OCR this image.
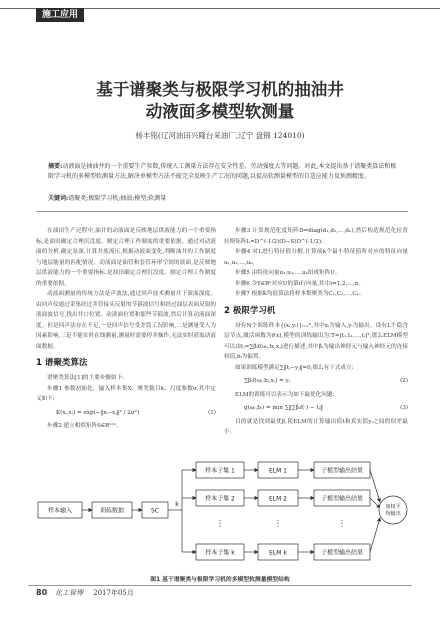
施工应用
基于谱聚类与极限学习机的抽油井
动液面多模型软测量
杨丰铭(辽河油田兴隆台采油厂,辽宁 盘锦 124010)
摘要:动液面是抽油井的一个重要生产参数,传统人工测量方法存在安全性差、劳动强度大等问题。对此,本文提出基于谱聚类算法和极限学习机的多模型软测量方法,解决单模型方法不能完全反映生产工况的问题,以提高软测量模型的自适应能力及预测精度。
关键词:谱聚类;极限学习机;抽油;模型;软测量

在油田生产过程中,油井的动液面是反映地层供液能力的一个重要指标,是油田确定合理沉没度、制定合理工作制度的重要依据。通过对动液面的分析,确定泵深,计算井底流压,根据动液面变化,判断油井的工作制度与地层能量的匹配情况。动液面是油管和套管环形空间的液面,是反映地层供液能力的一个重要指标,是油田确定合理沉没度、制定合理工作制度的重要依据。

动液面测量的传统方法是声波法,通过回声技术测量井下液面深度。由回声仪通过采集经过井管接头反射的节箍波信号和经过油层表面反射的液面波信号,找出井口位置、动液面位置和那些节箍波,然后计算动液面深度。但是回声法存在不足,一是回声信号受井筒工况影响,二是测量受人为因素影响,三是不能实时在线测量,测量时需要停井操作,无法实时获取动液面数据。

1 谱聚类算法

谱聚类算法[1]的主要步骤如下:

步骤1 参数初始化。输入样本集X、聚类数目k、尺度参数σ,其中定义如下:

K(xᵢ,xⱼ) = exp(−‖xᵢ−xⱼ‖² / 2σ²)	(1)

步骤2 建立相似矩阵S∈Rⁿˣⁿ。

步骤3 计算规范化度矩阵D=diag(d₁,d₂,…,dₙ),然后构造规范化拉普拉斯矩阵L=D^(-1/2)(D−S)D^(-1/2)。

步骤4 对L进行特征值分解,计算前k个最小特征值所对应的特征向量u₁,u₂,…,uₖ。

步骤5 由特征向量u₁,u₂,…,uₖ组成矩阵U。

步骤6 令Y∈Rⁿ对应U的第i行向量,其中i=1,2,…,n。

步骤7 根据K均值算法将样本集聚类为C₁,C₂,…,Cₖ。

2 极限学习机

设有N个训练样本{(xᵢ,yᵢ)}ᵢ₌₁ᴺ,其中xᵢ为输入,yᵢ为输出。设有L个隐含层节点,激活函数为f(x),模型的训练输出为:T=[t₁,t₂,…,tᵢ]ᵀ,那么ELM模型可以由tⱼ=∑βᵢf(ωᵢ,bᵢ,xⱼ)进行描述,其中βᵢ为输出神经元与输入神经元的连接权值,bᵢ为偏置。

如果训练模型满足∑‖tⱼ−yⱼ‖=0,那么有下式成立:

∑βᵢf(ωᵢ,bᵢ,xⱼ) = yⱼ	(2)

ELM的训练可以表示为如下最优化问题:

g(ωᵢ,bᵢ) = min ∑‖∑βᵢf(·) − tⱼ‖	(3)

目的就是找到最优β,使ELM的计算输出值t和真实值yᵢ之间的误差最小。

样本输入	训练数据	SC
k
样本子集 1
样本子集 2
⋮
样本子集 k
ELM 1
ELM 2
⋮
ELM k
子模型输出结果
子模型输出结果
⋮
子模型输出结果
加权平
均输出
图1 基于谱聚类与极限学习机的多模型软测量模型结构
80 化工管理 2017年05月
